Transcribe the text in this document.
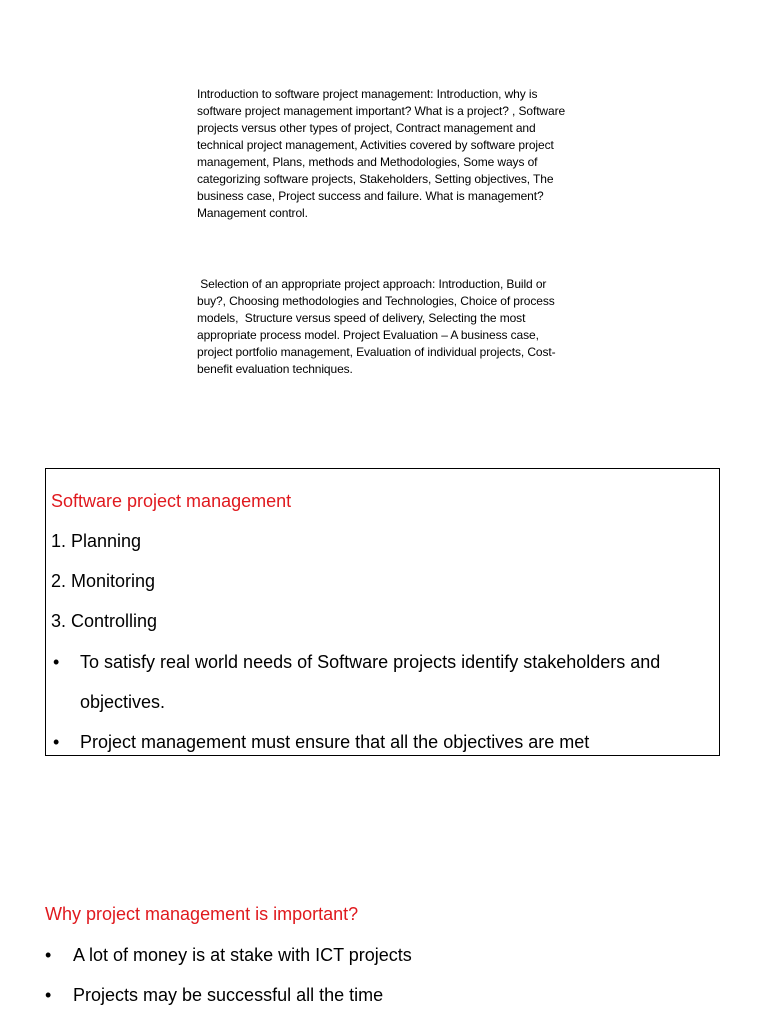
Introduction to software project management: Introduction, why is software project management important? What is a project? , Software projects versus other types of project, Contract management and technical project management, Activities covered by software project management, Plans, methods and Methodologies, Some ways of categorizing software projects, Stakeholders, Setting objectives, The business case, Project success and failure. What is management? Management control.

Selection of an appropriate project approach: Introduction, Build or buy?, Choosing methodologies and Technologies, Choice of process models,  Structure versus speed of delivery, Selecting the most appropriate process model. Project Evaluation – A business case, project portfolio management, Evaluation of individual projects, Cost-benefit evaluation techniques.

Software project management
1. Planning
2. Monitoring
3. Controlling
• To satisfy real world needs of Software projects identify stakeholders and objectives.
• Project management must ensure that all the objectives are met
Why project management is important?
• A lot of money is at stake with ICT projects
• Projects may be successful all the time
